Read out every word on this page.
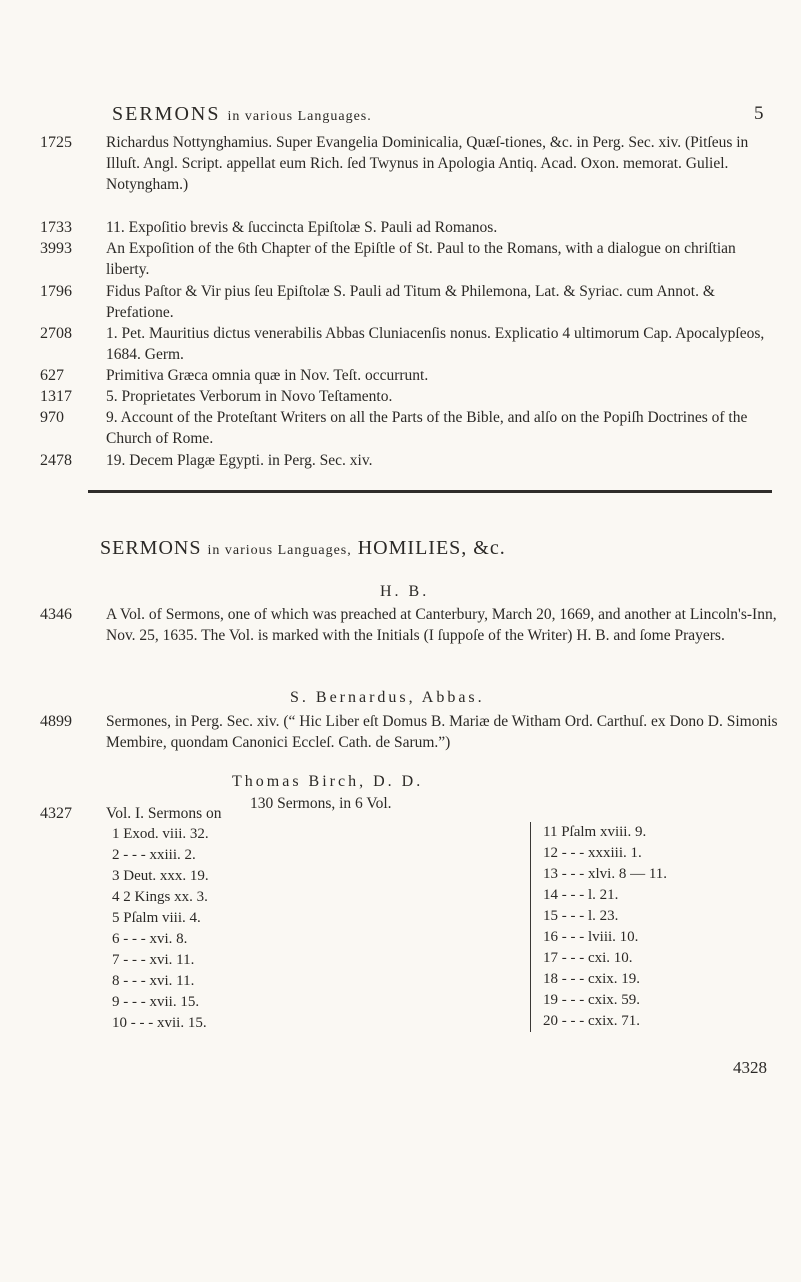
SERMONS in various Languages.	5
1725	Richardus Nottynghamius. Super Evangelia Dominicalia, Quæſ-tiones, &c. in Perg. Sec. xiv. (Pitſeus in Illuſt. Angl. Script. appellat eum Rich. ſed Twynus in Apologia Antiq. Acad. Oxon. memorat. Guliel. Notyngham.)
1733	11. Expoſitio brevis & ſuccincta Epiſtolæ S. Pauli ad Romanos.
3993	An Expoſition of the 6th Chapter of the Epiſtle of St. Paul to the Romans, with a dialogue on chriſtian liberty.
1796	Fidus Paſtor & Vir pius ſeu Epiſtolæ S. Pauli ad Titum & Philemona, Lat. & Syriac. cum Annot. & Prefatione.
2708	1. Pet. Mauritius dictus venerabilis Abbas Cluniacenſis nonus. Explicatio 4 ultimorum Cap. Apocalypſeos, 1684. Germ.
627	Primitiva Græca omnia quæ in Nov. Teſt. occurrunt.
1317	5. Proprietates Verborum in Novo Teſtamento.
970	9. Account of the Proteſtant Writers on all the Parts of the Bible, and alſo on the Popiſh Doctrines of the Church of Rome.
2478	19. Decem Plagæ Egypti. in Perg. Sec. xiv.
SERMONS in various Languages, HOMILIES, &c.
H. B.
4346	A Vol. of Sermons, one of which was preached at Canterbury, March 20, 1669, and another at Lincoln's-Inn, Nov. 25, 1635. The Vol. is marked with the Initials (I ſuppoſe of the Writer) H. B. and ſome Prayers.
S. Bernardus, Abbas.
4899	Sermones, in Perg. Sec. xiv. (“ Hic Liber eſt Domus B. Mariæ de Witham Ord. Carthuſ. ex Dono D. Simonis Membire, quondam Canonici Eccleſ. Cath. de Sarum.”)
Thomas Birch, D. D.
130 Sermons, in 6 Vol.
4327	Vol. I. Sermons on
1 Exod. viii. 32.
2 - - - xxiii. 2.
3 Deut. xxx. 19.
4 2 Kings xx. 3.
5 Pſalm viii. 4.
6 - - - xvi. 8.
7 - - - xvi. 11.
8 - - - xvi. 11.
9 - - - xvii. 15.
10 - - - xvii. 15.
11 Pſalm xviii. 9.
12 - - - xxxiii. 1.
13 - - - xlvi. 8 — 11.
14 - - - l. 21.
15 - - - l. 23.
16 - - - lviii. 10.
17 - - - cxi. 10.
18 - - - cxix. 19.
19 - - - cxix. 59.
20 - - - cxix. 71.
4328
